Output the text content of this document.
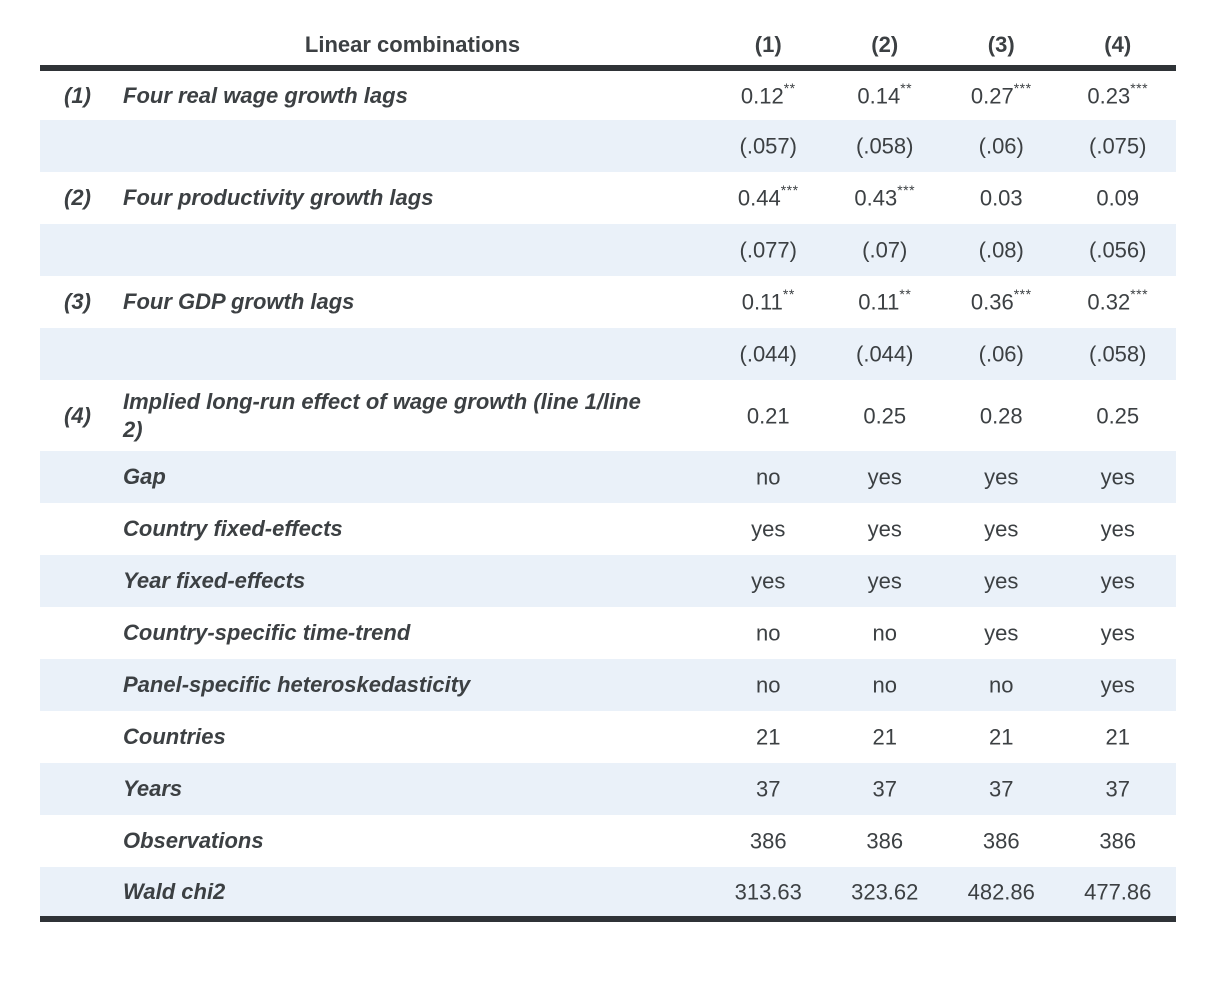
	Linear combinations	(1)	(2)	(3)	(4)
(1)	Four real wage growth lags	0.12**	0.14**	0.27***	0.23***
		(.057)	(.058)	(.06)	(.075)
(2)	Four productivity growth lags	0.44***	0.43***	0.03	0.09
		(.077)	(.07)	(.08)	(.056)
(3)	Four GDP growth lags	0.11**	0.11**	0.36***	0.32***
		(.044)	(.044)	(.06)	(.058)
(4)	Implied long-run effect of wage growth (line 1/line 2)	0.21	0.25	0.28	0.25
	Gap	no	yes	yes	yes
	Country fixed-effects	yes	yes	yes	yes
	Year fixed-effects	yes	yes	yes	yes
	Country-specific time-trend	no	no	yes	yes
	Panel-specific heteroskedasticity	no	no	no	yes
	Countries	21	21	21	21
	Years	37	37	37	37
	Observations	386	386	386	386
	Wald chi2	313.63	323.62	482.86	477.86
